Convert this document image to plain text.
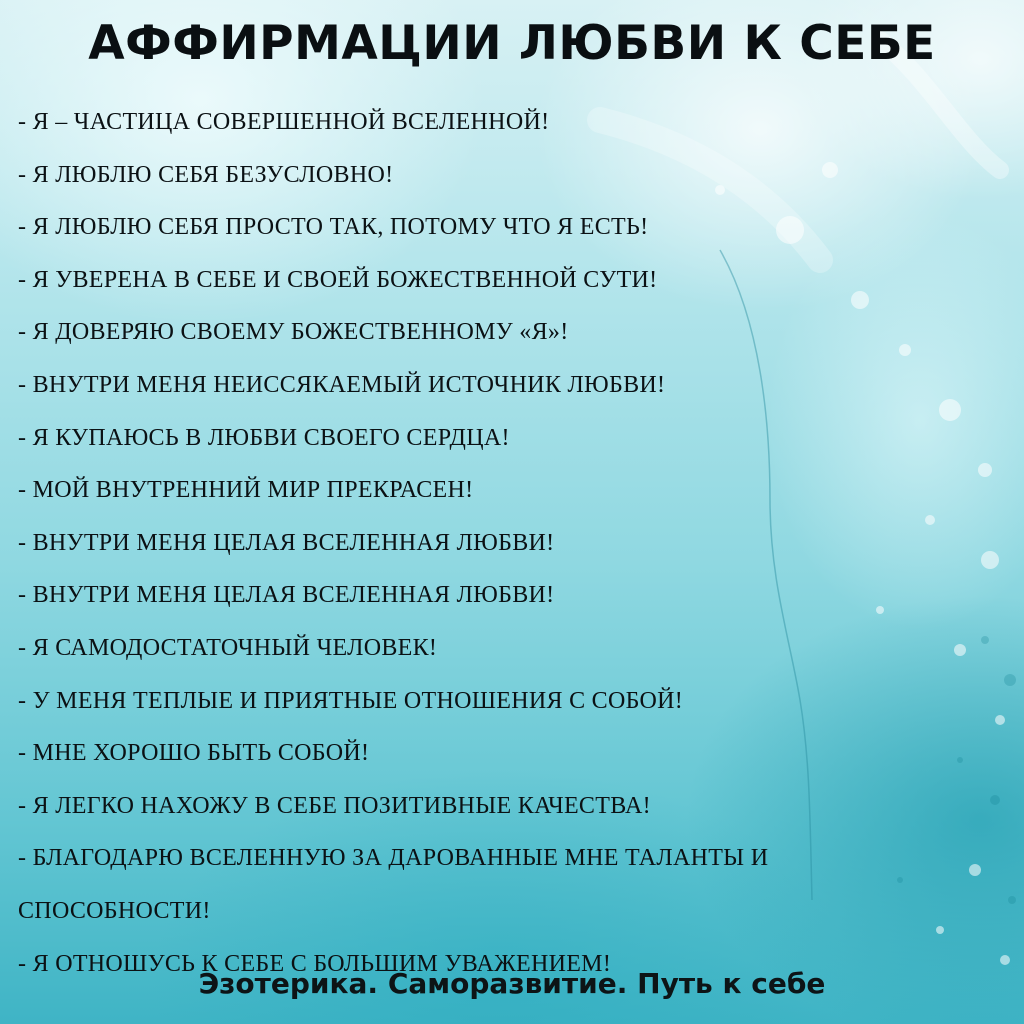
АФФИРМАЦИИ ЛЮБВИ К СЕБЕ
- Я – ЧАСТИЦА СОВЕРШЕННОЙ ВСЕЛЕННОЙ!
- Я ЛЮБЛЮ СЕБЯ БЕЗУСЛОВНО!
- Я ЛЮБЛЮ СЕБЯ ПРОСТО ТАК, ПОТОМУ ЧТО Я ЕСТЬ!
- Я УВЕРЕНА В СЕБЕ И СВОЕЙ БОЖЕСТВЕННОЙ СУТИ!
- Я ДОВЕРЯЮ СВОЕМУ БОЖЕСТВЕННОМУ «Я»!
- ВНУТРИ МЕНЯ НЕИССЯКАЕМЫЙ ИСТОЧНИК ЛЮБВИ!
- Я КУПАЮСЬ В ЛЮБВИ СВОЕГО СЕРДЦА!
- МОЙ ВНУТРЕННИЙ МИР ПРЕКРАСЕН!
- ВНУТРИ МЕНЯ ЦЕЛАЯ ВСЕЛЕННАЯ ЛЮБВИ!
- ВНУТРИ МЕНЯ ЦЕЛАЯ ВСЕЛЕННАЯ ЛЮБВИ!
- Я САМОДОСТАТОЧНЫЙ ЧЕЛОВЕК!
- У МЕНЯ ТЕПЛЫЕ И ПРИЯТНЫЕ ОТНОШЕНИЯ С СОБОЙ!
- МНЕ ХОРОШО БЫТЬ СОБОЙ!
- Я ЛЕГКО НАХОЖУ В СЕБЕ ПОЗИТИВНЫЕ КАЧЕСТВА!
- БЛАГОДАРЮ ВСЕЛЕННУЮ ЗА ДАРОВАННЫЕ МНЕ ТАЛАНТЫ И
СПОСОБНОСТИ!
- Я ОТНОШУСЬ К СЕБЕ С БОЛЬШИМ УВАЖЕНИЕМ!
Эзотерика. Саморазвитие. Путь к себе
